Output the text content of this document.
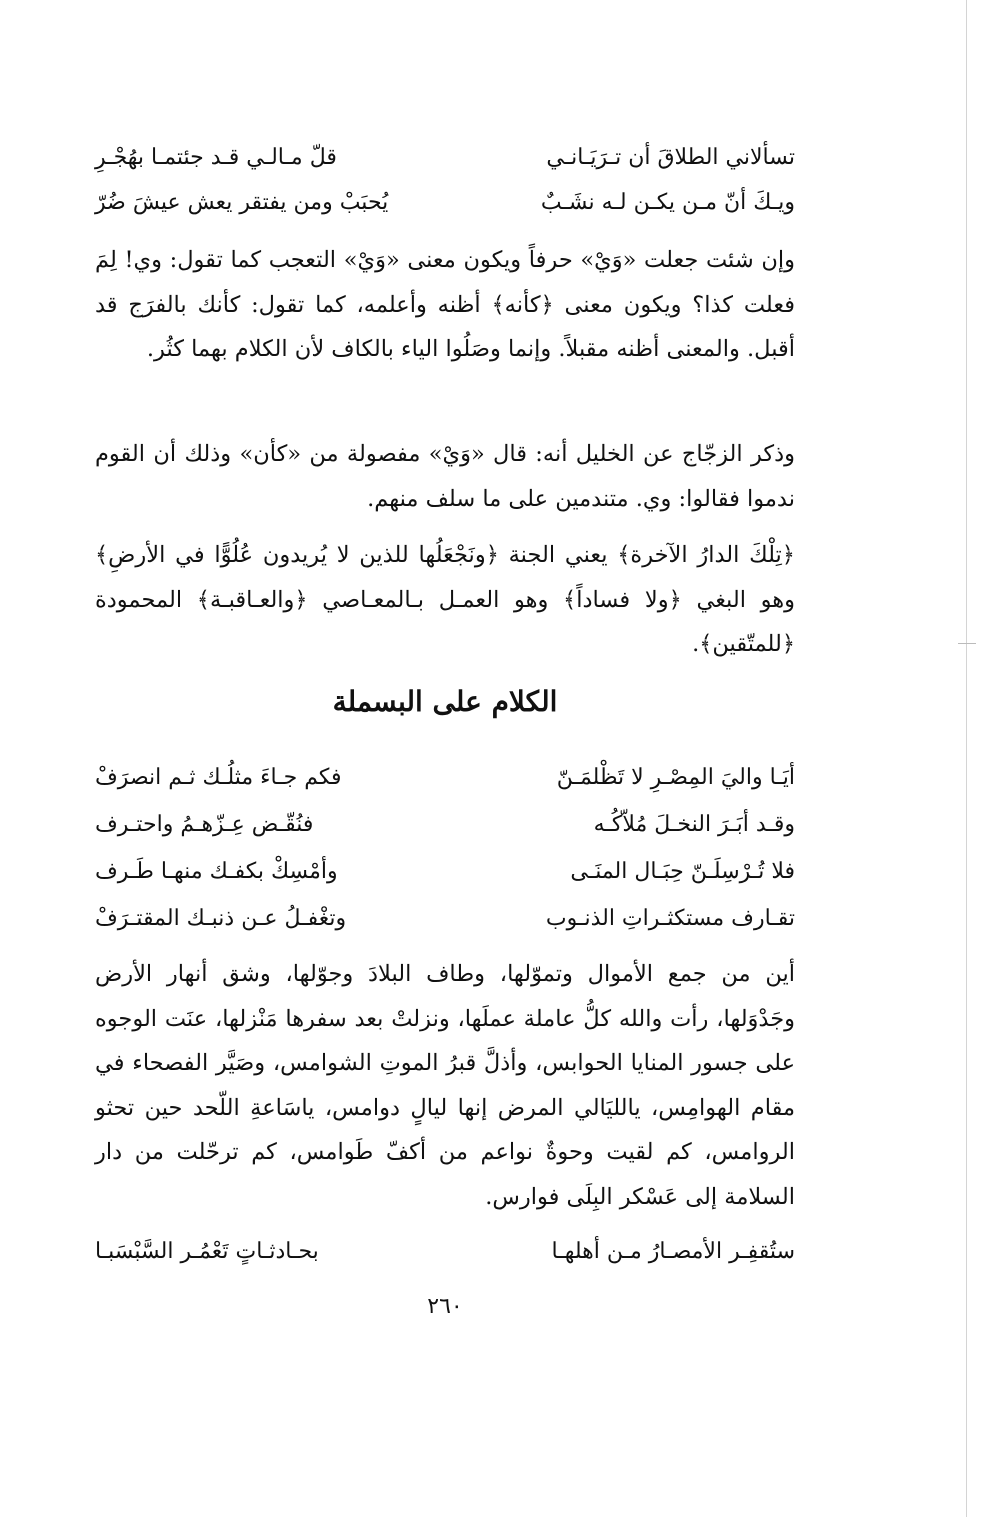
تسألاني الطلاقَ أن تـرَيَـانـي
قلّ مـالـي قـد جئتمـا بهُجْـرِ
ويـكَ أنّ مـن يكـن لـه نشَـبٌ
يُحبَبْ ومن يفتقر يعش عيشَ ضُرّ
وإن شئت جعلت «وَيْ» حرفاً ويكون معنى «وَيْ» التعجب كما تقول: وي! لِمَ فعلت كذا؟ ويكون معنى ﴿كأنه﴾ أظنه وأعلمه، كما تقول: كأنك بالفرَج قد أقبل. والمعنى أظنه مقبلاً. وإنما وصَلُوا الياء بالكاف لأن الكلام بهما كثُر.
وذكر الزجّاج عن الخليل أنه: قال «وَيْ» مفصولة من «كأن» وذلك أن القوم ندموا فقالوا: وي. متندمين على ما سلف منهم.
﴿تِلْكَ الدارُ الآخرة﴾ يعني الجنة ﴿ونَجْعَلُها للذين لا يُريدون عُلُوًّا في الأرضِ﴾ وهو البغي ﴿ولا فساداً﴾ وهو العمـل بـالمعـاصي ﴿والعـاقبـة﴾ المحمودة ﴿للمتّقين﴾.
الكلام على البسملة
أيَـا واليَ المِصْـرِ لا تَظْلمَـنّ
فكم جـاءَ مثلُـك ثـم انصرَفْ
وقـد أبَـرَ النخـلَ مُلاّكُـه
فنُقّـض عِـزّهـمُ واحتـرف
فلا تُـرْسِلَـنّ حِبَـال المنَـى
وأمْسِكْ بكفـك منهـا طَـرف
تقـارف مستكثـراتِ الذنـوب
وتغْفـلُ عـن ذنبـك المقتـرَفْ
أين من جمع الأموال وتموّلها، وطاف البلادَ وجوّلها، وشق أنهار الأرض وجَدْوَلها، رأت والله كلُّ عاملة عملَها، ونزلتْ بعد سفرها مَنْزلها، عنَت الوجوه على جسور المنايا الحوابس، وأذلَّ قبرُ الموتِ الشوامس، وصَيَّر الفصحاء في مقام الهوامِس، يالليَالي المرض إنها ليالٍ دوامس، ياسَاعةِ اللّحد حين تحثو الروامس، كم لقيت وحوةٌ نواعم من أكفّ طَوامس، كم ترحّلت من دار السلامة إلى عَسْكر البِلَى فوارس.
ستُقفِـر الأمصـارُ مـن أهلهـا
بحـادثـاتٍ تَعْمُـر السَّبْسَبـا
٢٦٠
